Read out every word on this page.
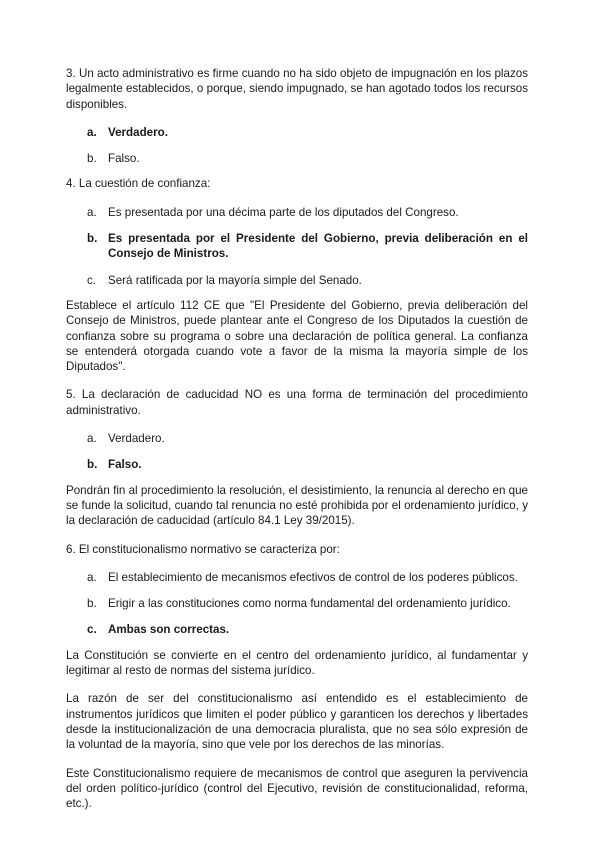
3. Un acto administrativo es firme cuando no ha sido objeto de impugnación en los plazos legalmente establecidos, o porque, siendo impugnado, se han agotado todos los recursos disponibles.

a. Verdadero.
b. Falso.

4. La cuestión de confianza:

a. Es presentada por una décima parte de los diputados del Congreso.
b. Es presentada por el Presidente del Gobierno, previa deliberación en el Consejo de Ministros.
c.	Será ratificada por la mayoría simple del Senado.

Establece el artículo 112 CE que "El Presidente del Gobierno, previa deliberación del Consejo de Ministros, puede plantear ante el Congreso de los Diputados la cuestión de confianza sobre su programa o sobre una declaración de política general. La confianza se entenderá otorgada cuando vote a favor de la misma la mayoría simple de los Diputados".

5. La declaración de caducidad NO es una forma de terminación del procedimiento administrativo.

a. Verdadero.
b. Falso.

Pondrán fin al procedimiento la resolución, el desistimiento, la renuncia al derecho en que se funde la solicitud, cuando tal renuncia no esté prohibida por el ordenamiento jurídico, y la declaración de caducidad (artículo 84.1 Ley 39/2015).

6. El constitucionalismo normativo se caracteriza por:

a. El establecimiento de mecanismos efectivos de control de los poderes públicos.
b. Erigir a las constituciones como norma fundamental del ordenamiento jurídico.
c. Ambas son correctas.

La Constitución se convierte en el centro del ordenamiento jurídico, al fundamentar y legitimar al resto de normas del sistema jurídico.

La razón de ser del constitucionalismo así entendido es el establecimiento de instrumentos jurídicos que limiten el poder público y garanticen los derechos y libertades desde la institucionalización de una democracia pluralista, que no sea sólo expresión de la voluntad de la mayoría, sino que vele por los derechos de las minorías.

Este Constitucionalismo requiere de mecanismos de control que aseguren la pervivencia del orden político-jurídico (control del Ejecutivo, revisión de constitucionalidad, reforma, etc.).
